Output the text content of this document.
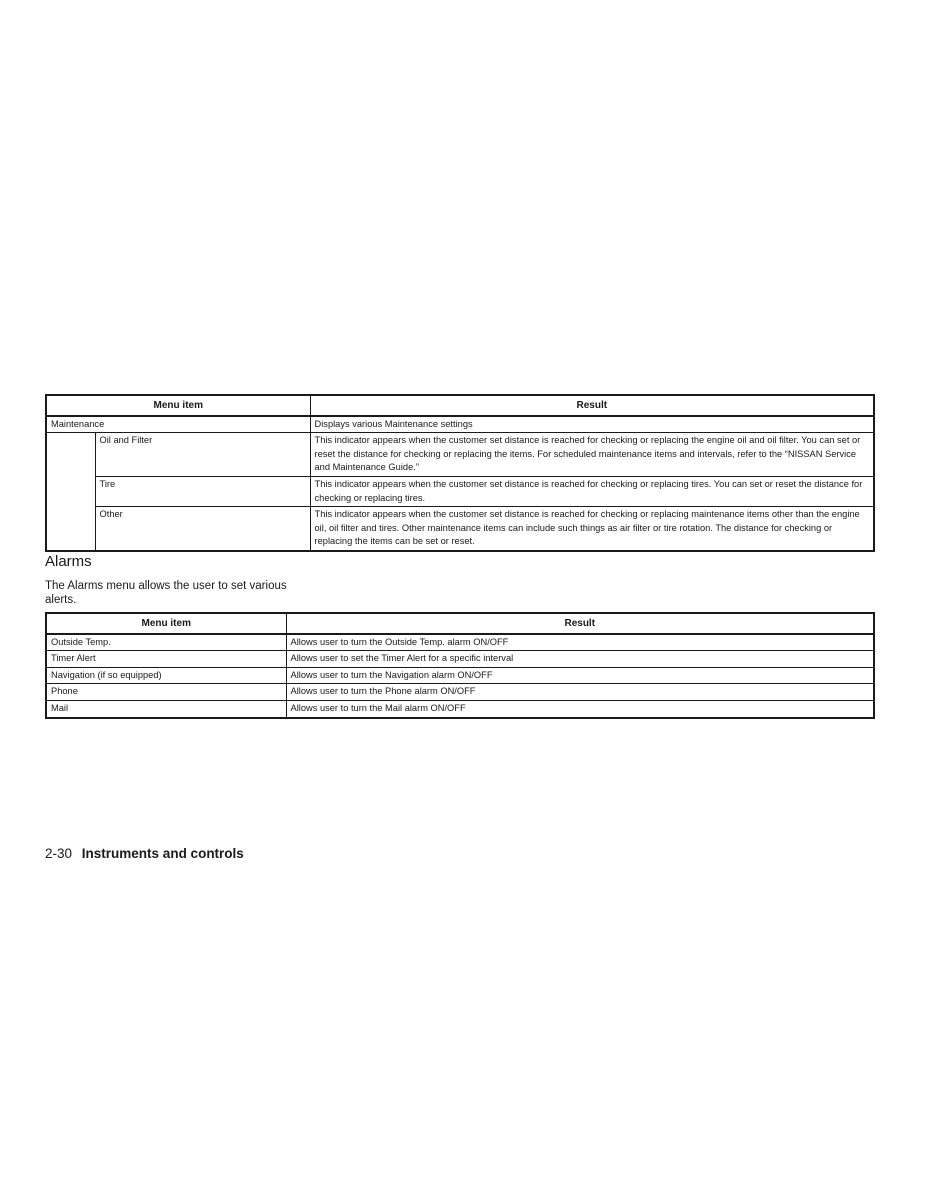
Menu item		Result
Maintenance		Displays various Maintenance settings
	Oil and Filter	This indicator appears when the customer set distance is reached for checking or replacing the engine oil and oil filter. You can set or reset the distance for checking or replacing the items. For scheduled maintenance items and intervals, refer to the “NISSAN Service and Maintenance Guide.”
	Tire	This indicator appears when the customer set distance is reached for checking or replacing tires. You can set or reset the distance for checking or replacing tires.
	Other	This indicator appears when the customer set distance is reached for checking or replacing maintenance items other than the engine oil, oil filter and tires. Other maintenance items can include such things as air filter or tire rotation. The distance for checking or replacing the items can be set or reset.
Alarms

The Alarms menu allows the user to set various alerts.

Menu item	Result
Outside Temp.	Allows user to turn the Outside Temp. alarm ON/OFF
Timer Alert	Allows user to set the Timer Alert for a specific interval
Navigation (if so equipped)	Allows user to turn the Navigation alarm ON/OFF
Phone	Allows user to turn the Phone alarm ON/OFF
Mail	Allows user to turn the Mail alarm ON/OFF
2-30 Instruments and controls
